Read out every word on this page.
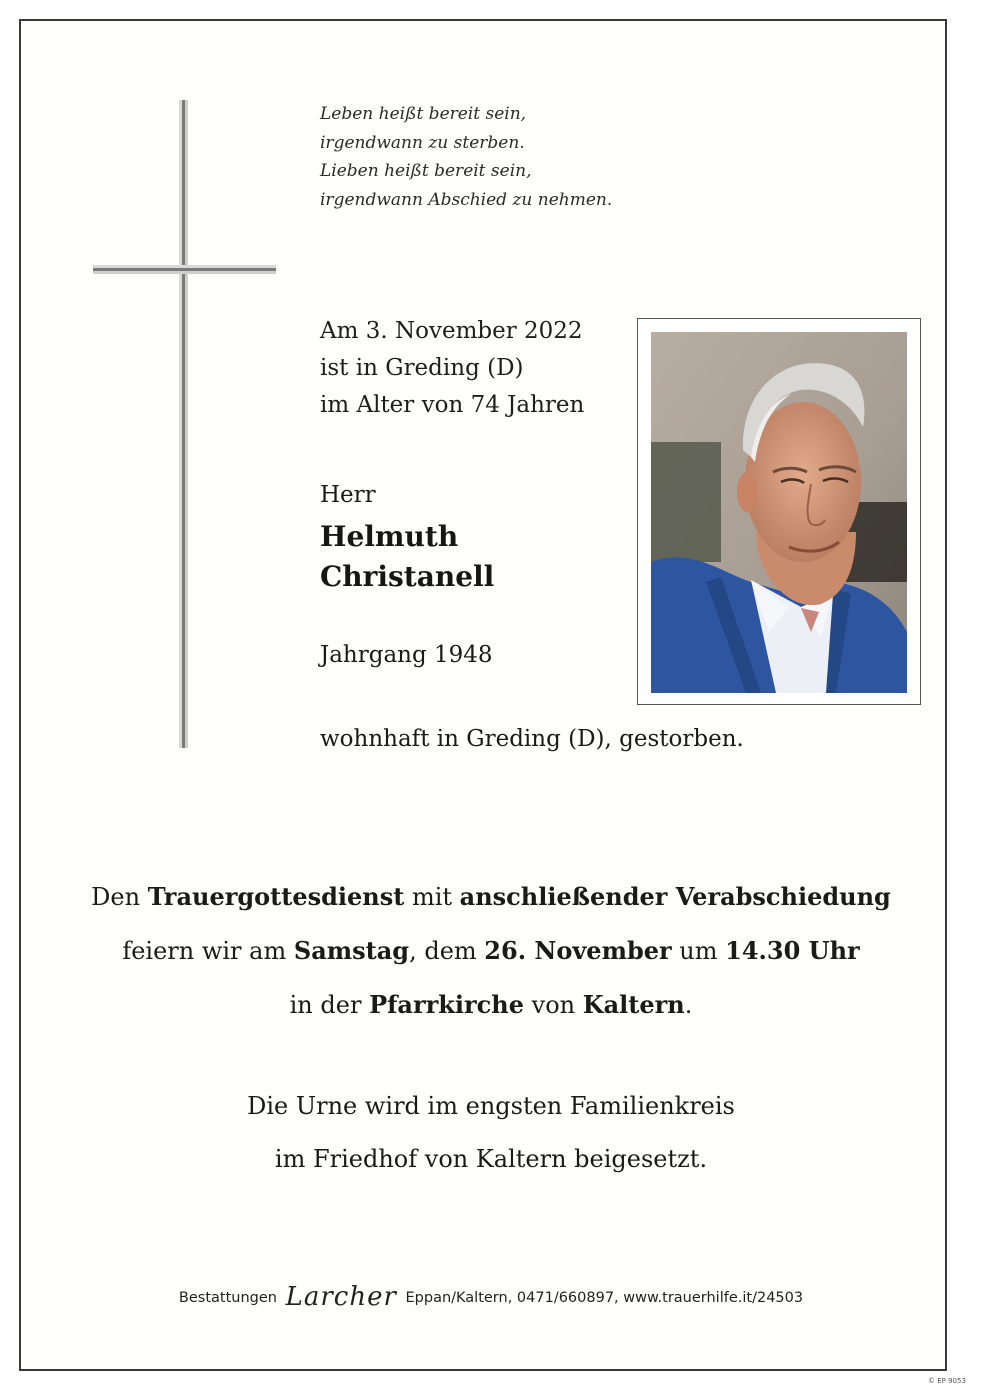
Leben heißt bereit sein,
irgendwann zu sterben.
Lieben heißt bereit sein,
irgendwann Abschied zu nehmen.
Am 3. November 2022
ist in Greding (D)
im Alter von 74 Jahren
Herr
Helmuth
Christanell
Jahrgang 1948
wohnhaft in Greding (D), gestorben.
Den Trauergottesdienst mit anschließender Verabschiedung
feiern wir am Samstag, dem 26. November um 14.30 Uhr
in der Pfarrkirche von Kaltern.
Die Urne wird im engsten Familienkreis
im Friedhof von Kaltern beigesetzt.
Bestattungen Larcher Eppan/Kaltern, 0471/660897, www.trauerhilfe.it/24503
© EP 9053
